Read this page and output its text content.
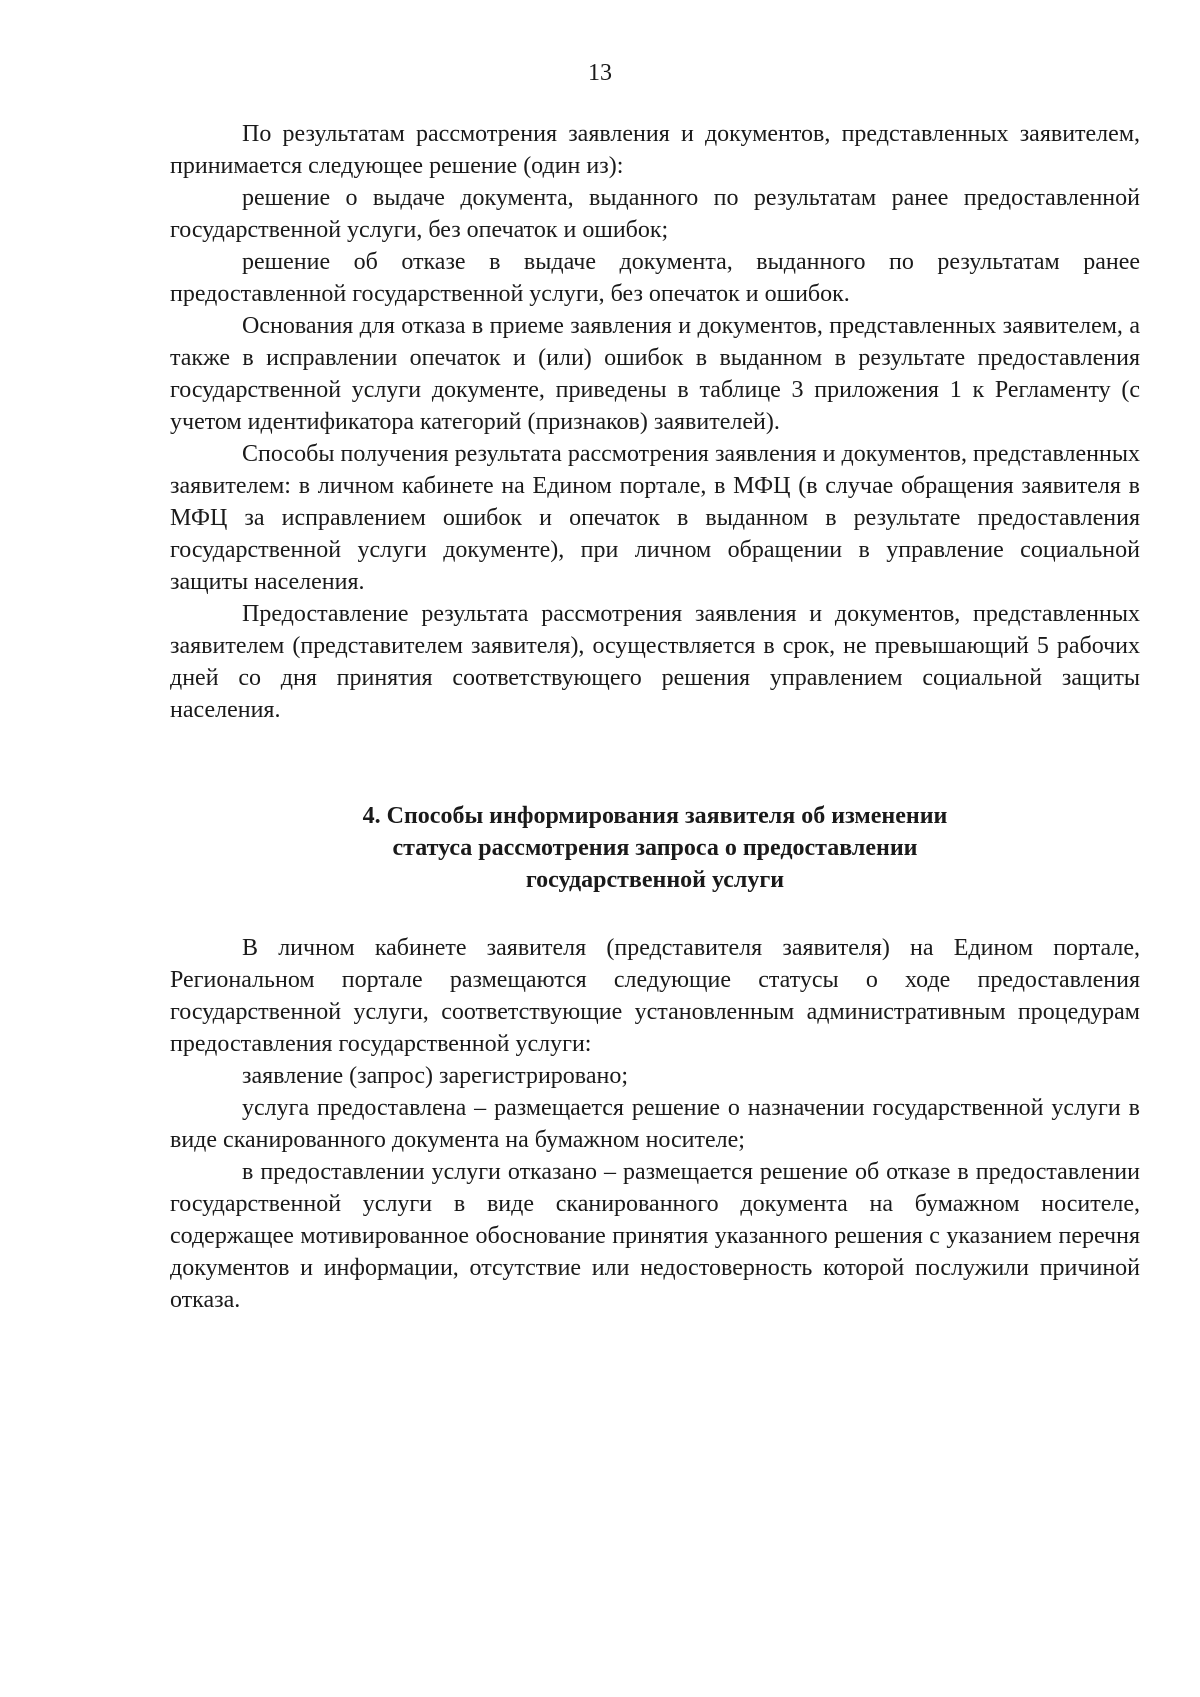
13

По результатам рассмотрения заявления и документов, представленных заявителем, принимается следующее решение (один из):

решение о выдаче документа, выданного по результатам ранее предоставленной государственной услуги, без опечаток и ошибок;

решение об отказе в выдаче документа, выданного по результатам ранее предоставленной государственной услуги, без опечаток и ошибок.

Основания для отказа в приеме заявления и документов, представленных заявителем, а также в исправлении опечаток и (или) ошибок в выданном в результате предоставления государственной услуги документе, приведены в таблице 3 приложения 1 к Регламенту (с учетом идентификатора категорий (признаков) заявителей).

Способы получения результата рассмотрения заявления и документов, представленных заявителем: в личном кабинете на Едином портале, в МФЦ (в случае обращения заявителя в МФЦ за исправлением ошибок и опечаток в выданном в результате предоставления государственной услуги документе), при личном обращении в управление социальной защиты населения.

Предоставление результата рассмотрения заявления и документов, представленных заявителем (представителем заявителя), осуществляется в срок, не превышающий 5 рабочих дней со дня принятия соответствующего решения управлением социальной защиты населения.

4. Способы информирования заявителя об изменении
статуса рассмотрения запроса о предоставлении
государственной услуги

В личном кабинете заявителя (представителя заявителя) на Едином портале, Региональном портале размещаются следующие статусы о ходе предоставления государственной услуги, соответствующие установленным административным процедурам предоставления государственной услуги:

заявление (запрос) зарегистрировано;

услуга предоставлена – размещается решение о назначении государственной услуги в виде сканированного документа на бумажном носителе;

в предоставлении услуги отказано – размещается решение об отказе в предоставлении государственной услуги в виде сканированного документа на бумажном носителе, содержащее мотивированное обоснование принятия указанного решения с указанием перечня документов и информации, отсутствие или недостоверность которой послужили причиной отказа.
